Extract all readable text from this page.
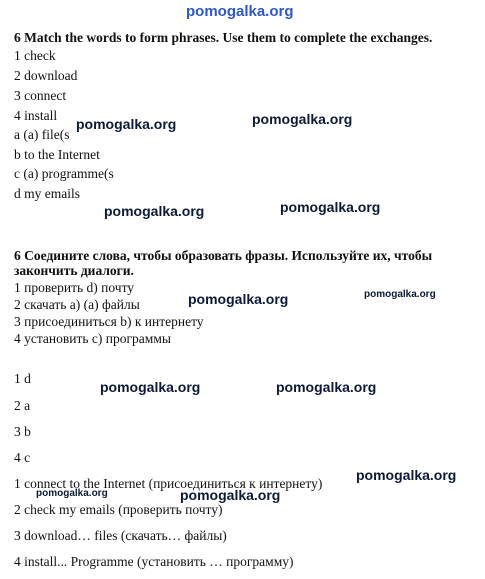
pomogalka.org
6 Match the words to form phrases. Use them to complete the exchanges.
1 check
2 download
3 connect
4 install
a (a) file(s
b to the Internet
c (a) programme(s
d my emails
pomogalka.org	pomogalka.org
pomogalka.org	pomogalka.org
6 Соедините слова, чтобы образовать фразы. Используйте их, чтобы
закончить диалоги.
1 проверить d) почту
2 скачать a) (a) файлы
3 присоединиться b) к интернету
4 установить c) программы
pomogalka.org	pomogalka.org
1 d
2 a
3 b
4 c
pomogalka.org	pomogalka.org
1 connect to the Internet (присоединиться к интернету)
2 check my emails (проверить почту)
3 download… files (скачать… файлы)
4 install... Programme (установить … программу)
pomogalka.org
pomogalka.org	pomogalka.org
